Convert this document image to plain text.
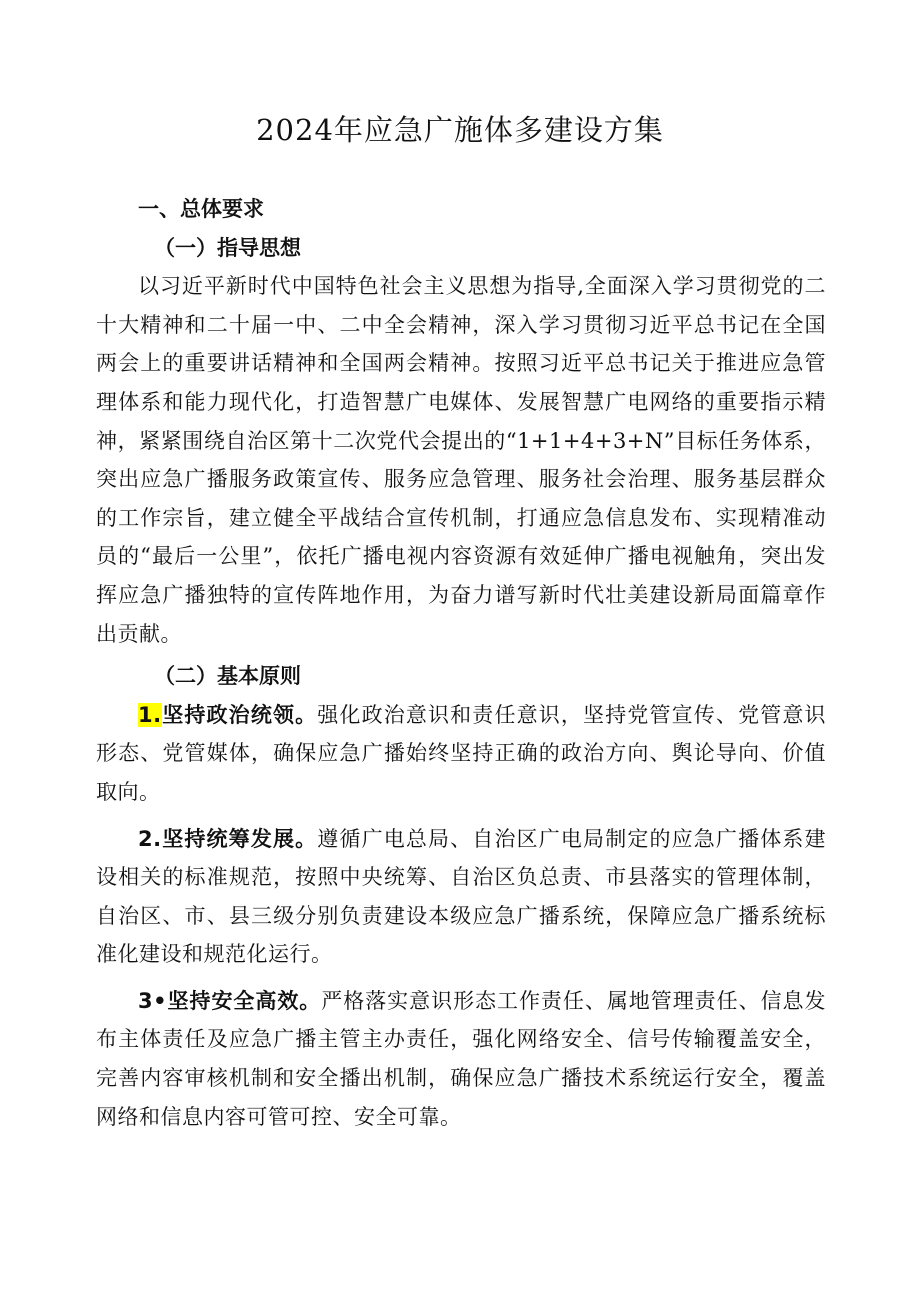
2024年应急广施体多建设方集

一、总体要求

（一）指导思想

以习近平新时代中国特色社会主义思想为指导,全面深入学习贯彻党的二十大精神和二十届一中、二中全会精神，深入学习贯彻习近平总书记在全国两会上的重要讲话精神和全国两会精神。按照习近平总书记关于推进应急管理体系和能力现代化，打造智慧广电媒体、发展智慧广电网络的重要指示精神，紧紧围绕自治区第十二次党代会提出的“1+1+4+3+N”目标任务体系，突出应急广播服务政策宣传、服务应急管理、服务社会治理、服务基层群众的工作宗旨，建立健全平战结合宣传机制，打通应急信息发布、实现精准动员的“最后一公里”，依托广播电视内容资源有效延伸广播电视触角，突出发挥应急广播独特的宣传阵地作用，为奋力谱写新时代壮美建设新局面篇章作出贡献。

（二）基本原则

1.坚持政治统领。强化政治意识和责任意识，坚持党管宣传、党管意识形态、党管媒体，确保应急广播始终坚持正确的政治方向、舆论导向、价值取向。

2.坚持统筹发展。遵循广电总局、自治区广电局制定的应急广播体系建设相关的标准规范，按照中央统筹、自治区负总责、市县落实的管理体制，自治区、市、县三级分别负责建设本级应急广播系统，保障应急广播系统标准化建设和规范化运行。

3•坚持安全高效。严格落实意识形态工作责任、属地管理责任、信息发布主体责任及应急广播主管主办责任，强化网络安全、信号传输覆盖安全，完善内容审核机制和安全播出机制，确保应急广播技术系统运行安全，覆盖网络和信息内容可管可控、安全可靠。
